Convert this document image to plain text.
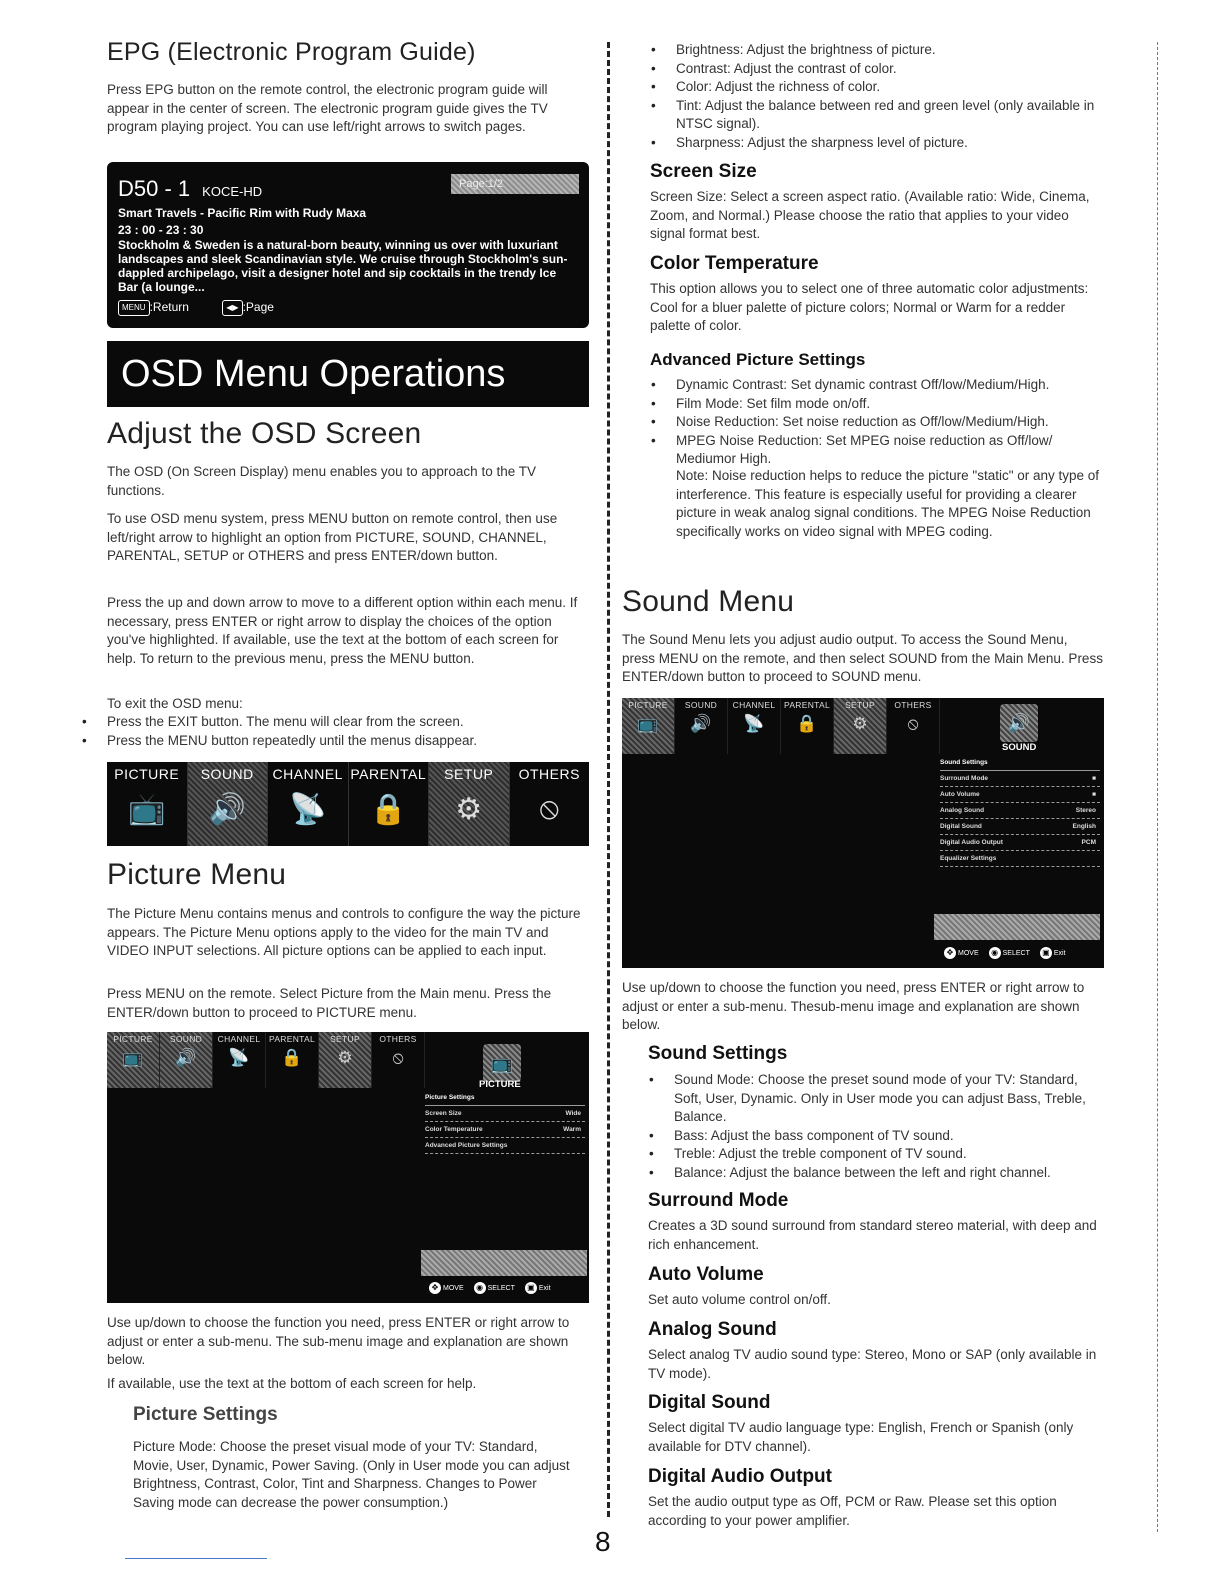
EPG (Electronic Program Guide)

Press EPG button on the remote control, the electronic program guide will appear in the center of screen. The electronic program guide gives the TV program playing project. You can use left/right arrows to switch pages.

D50 - 1 KOCE-HD	Page:1/2
Smart Travels - Pacific Rim with Rudy Maxa
23 : 00 - 23 : 30
Stockholm & Sweden is a natural-born beauty, winning us over with luxuriant landscapes and sleek Scandinavian style. We cruise through Stockholm's sun-dappled archipelago, visit a designer hotel and sip cocktails in the trendy Ice Bar (a lounge...
MENU :Return	◀▶ :Page
OSD Menu Operations
Adjust the OSD Screen

The OSD (On Screen Display) menu enables you to approach to the TV functions.

To use OSD menu system, press MENU button on remote control, then use left/right arrow to highlight an option from PICTURE, SOUND, CHANNEL, PARENTAL, SETUP or OTHERS and press ENTER/down button.

Press the up and down arrow to move to a different option within each menu. If necessary, press ENTER or right arrow to display the choices of the option you've highlighted. If available, use the text at the bottom of each screen for help. To return to the previous menu, press the MENU button.

To exit the OSD menu:

• Press the EXIT button. The menu will clear from the screen.
• Press the MENU button repeatedly until the menus disappear.
PICTURE
📺
SOUND
🔊
CHANNEL
📡
PARENTAL
🔒
SETUP
⚙
OTHERS
⦸
Picture Menu

The Picture Menu contains menus and controls to configure the way the picture appears. The Picture Menu options apply to the video for the main TV and VIDEO INPUT selections. All picture options can be applied to each input.

Press MENU on the remote. Select Picture from the Main menu. Press the ENTER/down button to proceed to PICTURE menu.

PICTURE
📺
SOUND
🔊
CHANNEL
📡
PARENTAL
🔒
SETUP
⚙
OTHERS
⦸	📺
PICTURE
Picture Settings
Screen Size	Wide
Color Temperature	Warm
Advanced Picture Settings
✥ MOVE ◉ SELECT ▣ Exit

Use up/down to choose the function you need, press ENTER or right arrow to adjust or enter a sub-menu. The sub-menu image and explanation are shown below.

If available, use the text at the bottom of each screen for help.

Picture Settings

Picture Mode: Choose the preset visual mode of your TV: Standard, Movie, User, Dynamic, Power Saving. (Only in User mode you can adjust Brightness, Contrast, Color, Tint and Sharpness. Changes to Power Saving mode can decrease the power consumption.)

• Brightness: Adjust the brightness of picture.
• Contrast: Adjust the contrast of color.
• Color: Adjust the richness of color.
• Tint: Adjust the balance between red and green level (only available in NTSC signal).
• Sharpness: Adjust the sharpness level of picture.
Screen Size

Screen Size: Select a screen aspect ratio. (Available ratio: Wide, Cinema, Zoom, and Normal.) Please choose the ratio that applies to your video signal format best.

Color Temperature

This option allows you to select one of three automatic color adjustments: Cool for a bluer palette of picture colors; Normal or Warm for a redder palette of color.

Advanced Picture Settings
• Dynamic Contrast: Set dynamic contrast Off/low/Medium/High.
• Film Mode: Set film mode on/off.
• Noise Reduction: Set noise reduction as Off/low/Medium/High.
• MPEG Noise Reduction: Set MPEG noise reduction as Off/low/ Mediumor High.

Note: Noise reduction helps to reduce the picture "static" or any type of interference. This feature is especially useful for providing a clearer picture in weak analog signal conditions. The MPEG Noise Reduction specifically works on video signal with MPEG coding.

Sound Menu

The Sound Menu lets you adjust audio output. To access the Sound Menu, press MENU on the remote, and then select SOUND from the Main Menu. Press ENTER/down button to proceed to SOUND menu.

PICTURE
📺
SOUND
🔊
CHANNEL
📡
PARENTAL
🔒
SETUP
⚙
OTHERS
⦸	🔊
SOUND
Sound Settings
Surround Mode	■
Auto Volume	■
Analog Sound	Stereo
Digital Sound	English
Digital Audio Output	PCM
Equalizer Settings
✥ MOVE ◉ SELECT ▣ Exit

Use up/down to choose the function you need, press ENTER or right arrow to adjust or enter a sub-menu. Thesub-menu image and explanation are shown below.

Sound Settings
• Sound Mode: Choose the preset sound mode of your TV: Standard, Soft, User, Dynamic. Only in User mode you can adjust Bass, Treble, Balance.
• Bass: Adjust the bass component of TV sound.
• Treble: Adjust the treble component of TV sound.
• Balance: Adjust the balance between the left and right channel.
Surround Mode

Creates a 3D sound surround from standard stereo material, with deep and rich enhancement.

Auto Volume

Set auto volume control on/off.

Analog Sound

Select analog TV audio sound type: Stereo, Mono or SAP (only available in TV mode).

Digital Sound

Select digital TV audio language type: English, French or Spanish (only available for DTV channel).

Digital Audio Output

Set the audio output type as Off, PCM or Raw. Please set this option according to your power amplifier.

8
